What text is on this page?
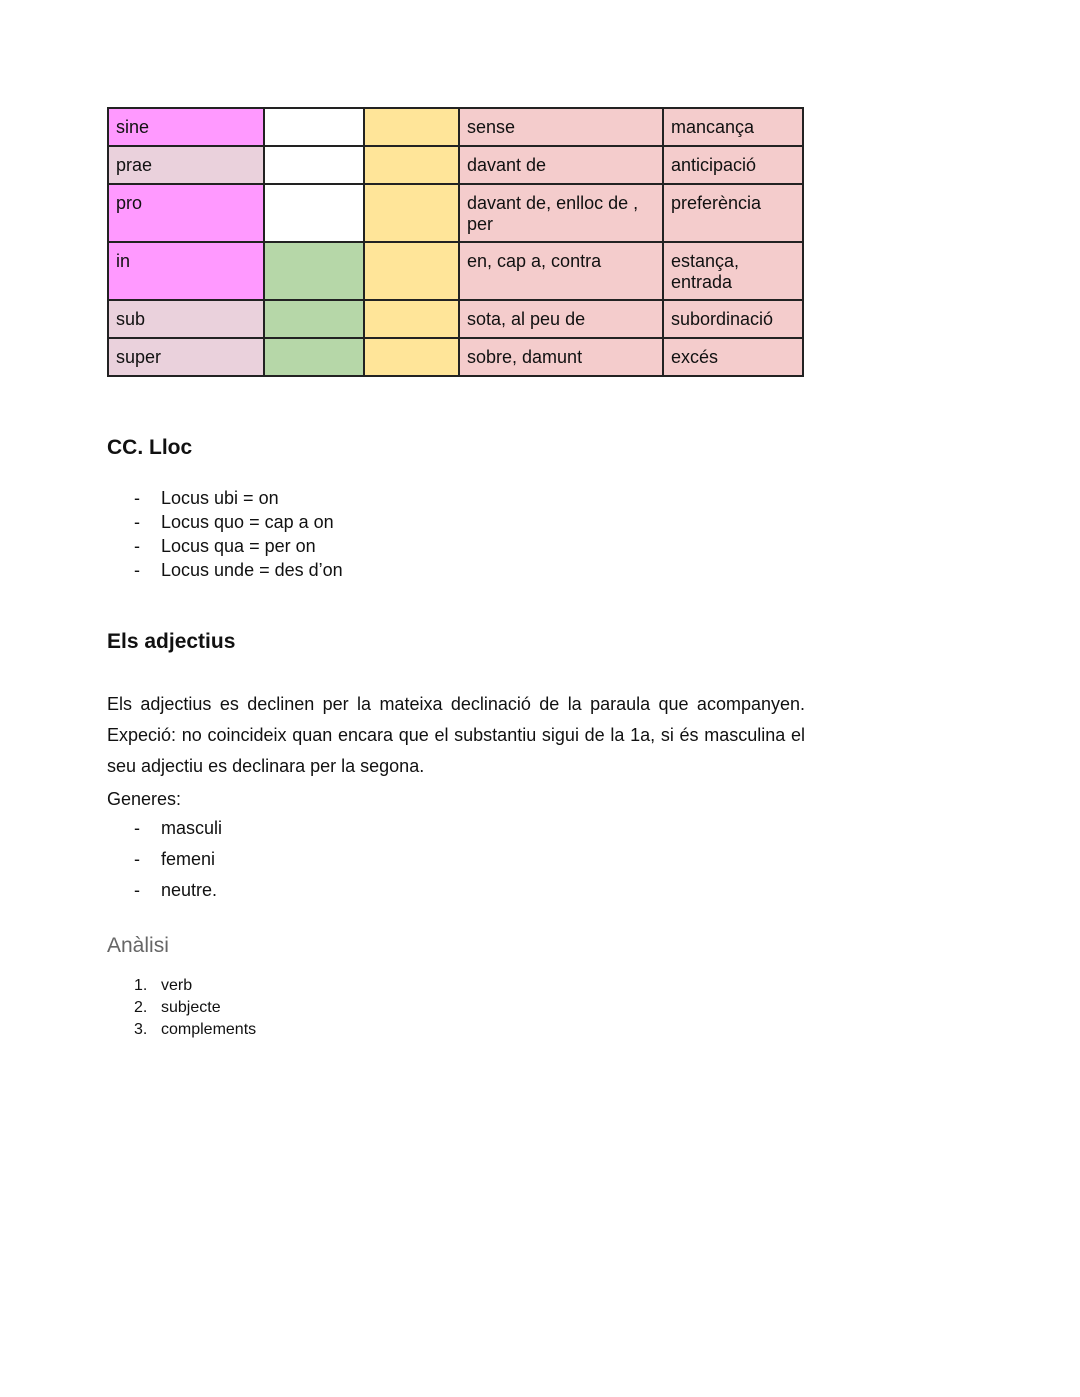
sine			sense	mancança
prae			davant de	anticipació
pro			davant de, enlloc de , per	preferència
in			en, cap a, contra	estança, entrada
sub			sota, al peu de	subordinació
super			sobre, damunt	excés
CC. Lloc
- Locus ubi = on
- Locus quo = cap a on
- Locus qua = per on
- Locus unde = des d’on
Els adjectius

Els adjectius es declinen per la mateixa declinació de la paraula que acompanyen. Expeció: no coincideix quan encara que el substantiu sigui de la 1a, si és masculina el seu adjectiu es declinara per la segona.

Generes:

- masculi
- femeni
- neutre.
Anàlisi
1. verb
2. subjecte
3. complements
